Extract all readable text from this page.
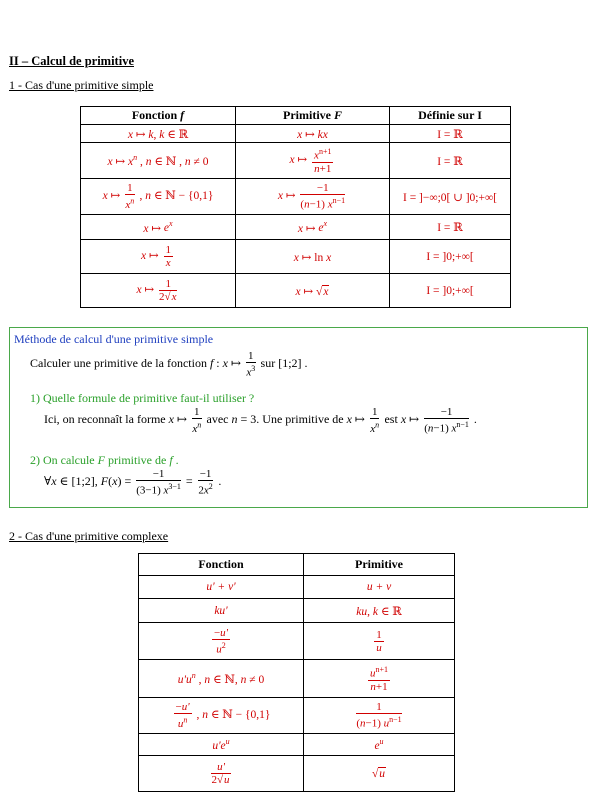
II – Calcul de primitive
1 - Cas d'une primitive simple
Fonction f	Primitive F	Définie sur I
x ↦ k, k ∈ ℝ	x ↦ kx	I = ℝ
x ↦ $x^n$ , n ∈ ℕ , n ≠ 0	x ↦ $\frac{x^{n+1}}{n+1}$	I = ℝ
x ↦ $\frac{1}{x^n}$ , n ∈ ℕ − {0,1}	x ↦ $\frac{-1}{(n-1) x^{n-1}}$	I = ]−∞;0[ ∪ ]0;+∞[
x ↦ $e^x$	x ↦ $e^x$	I = ℝ
x ↦ $\frac{1}{x}$	x ↦ ln x	I = ]0;+∞[
x ↦ $\frac{1}{2√x}$	x ↦ √x	I = ]0;+∞[
Méthode de calcul d'une primitive simple
Calculer une primitive de la fonction f : x ↦ $\frac{1}{x^3}$ sur [1;2] .
1) Quelle formule de primitive faut-il utiliser ?
Ici, on reconnaît la forme x ↦ $\frac{1}{x^n}$ avec n = 3. Une primitive de x ↦ $\frac{1}{x^n}$ est x ↦ $\frac{-1}{(n-1) x^{n-1}}$ .
2) On calcule F primitive de f .
∀x ∈ [1;2], $F(x) = \frac{-1}{(3-1) x^{3-1}} = \frac{-1}{2x^2}$ .
2 - Cas d'une primitive complexe
Fonction	Primitive
u' + v'	u + v
ku'	ku, k ∈ ℝ

$\frac{-u'}{u^2}$	$\frac{1}{u}$

$u'u^n$ , n ∈ ℕ, n ≠ 0	$\frac{u^{n+1}}{n+1}$

$\frac{-u'}{u^n}$ , n ∈ ℕ − {0,1}	$\frac{1}{(n-1) u^{n-1}}$

$u'e^u$	$e^u$

$\frac{u'}{2√u}$	√u
